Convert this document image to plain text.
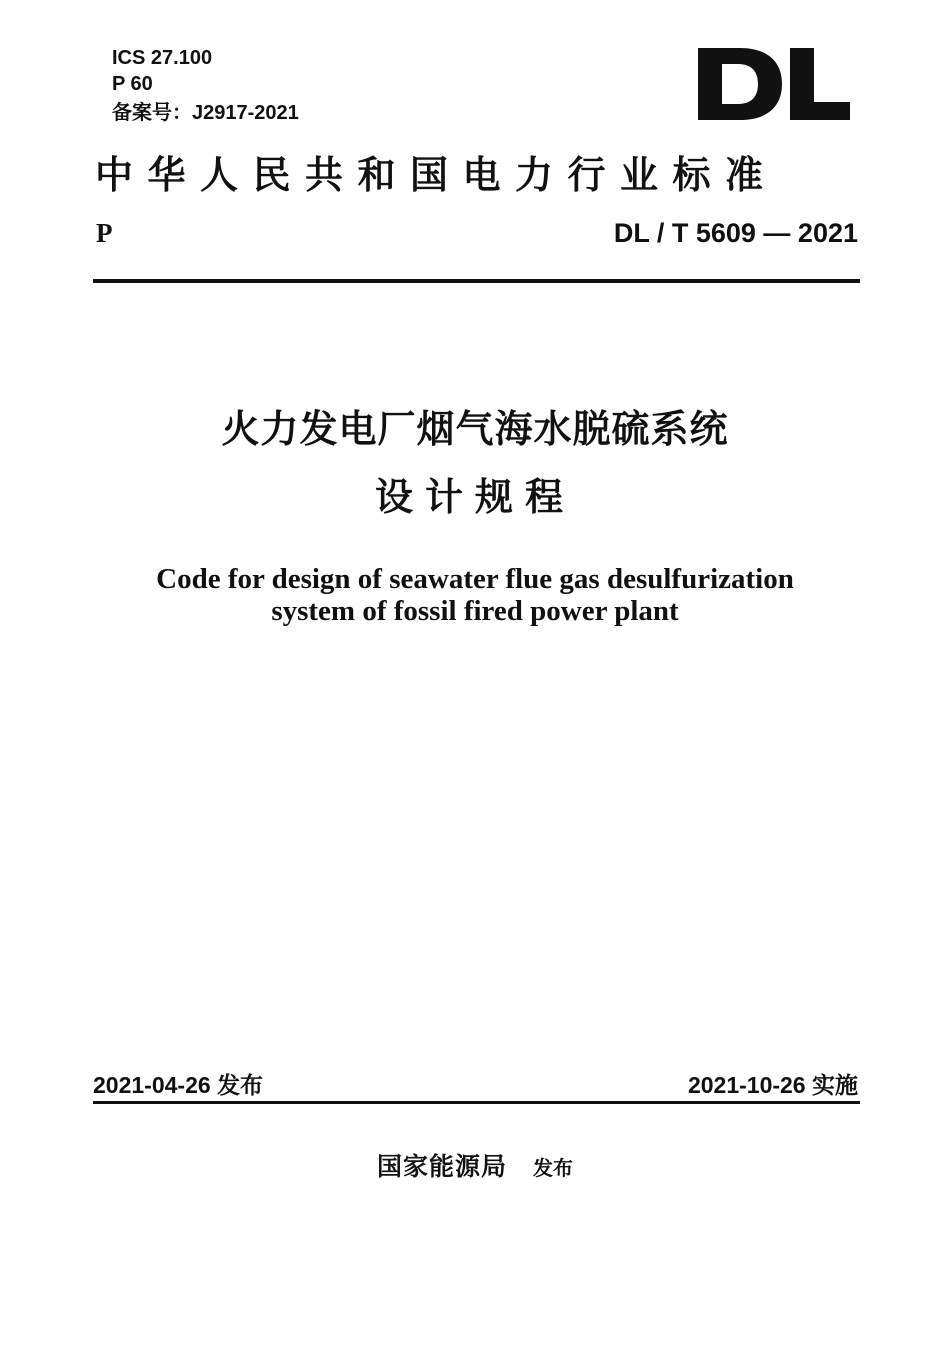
ICS 27.100
P 60
备案号：J2917-2021
中华人民共和国电力行业标准
P	DL / T 5609 — 2021
火力发电厂烟气海水脱硫系统
设计规程
Code for design of seawater flue gas desulfurization
system of fossil fired power plant
2021-04-26 发布	2021-10-26 实施
国家能源局 发布
